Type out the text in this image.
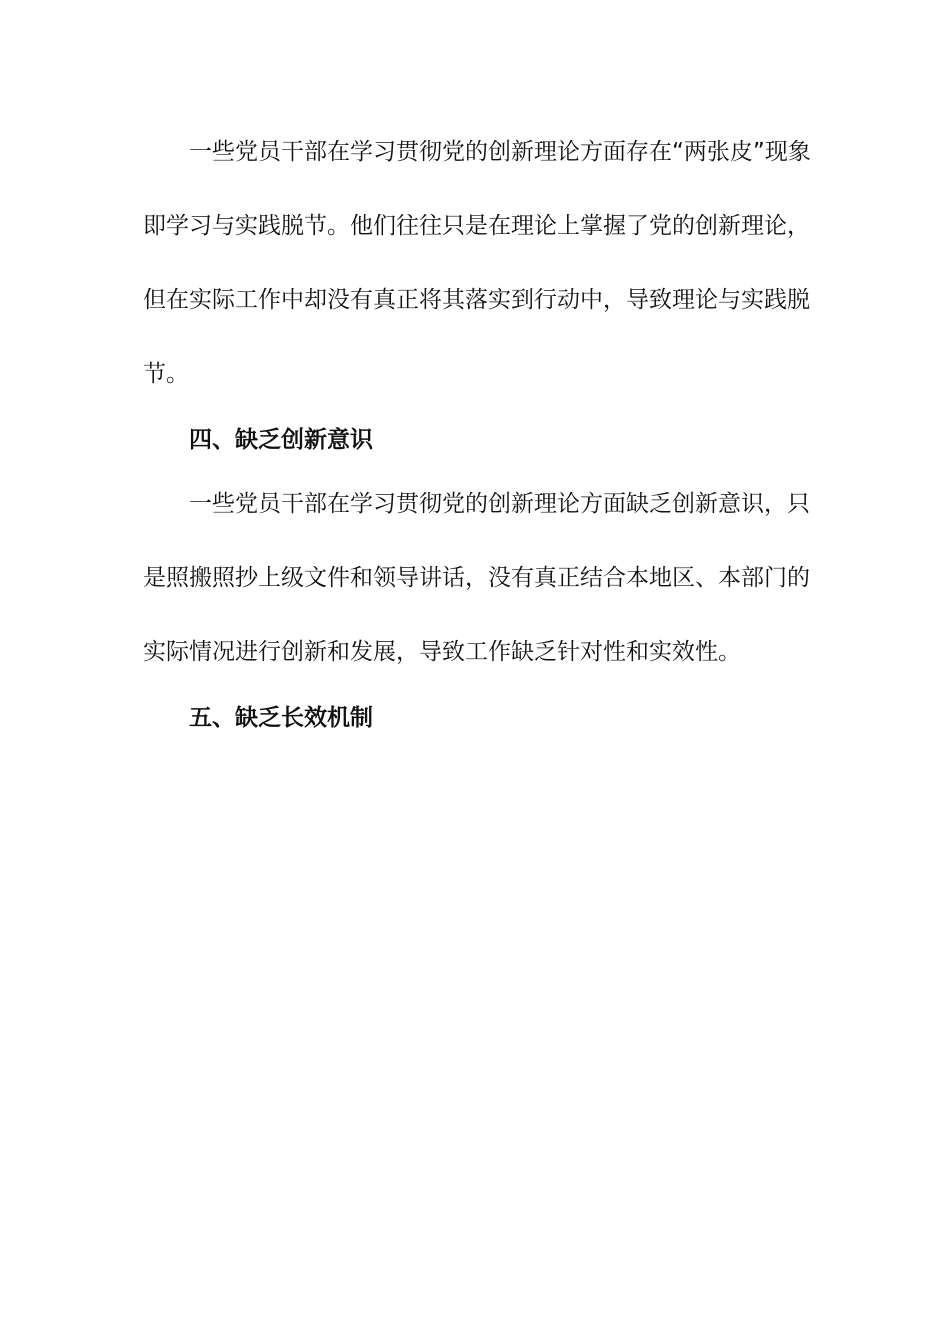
一些党员干部在学习贯彻党的创新理论方面存在“两张皮”现象
即学习与实践脱节。他们往往只是在理论上掌握了党的创新理论，
但在实际工作中却没有真正将其落实到行动中，导致理论与实践脱
节。
四、缺乏创新意识
一些党员干部在学习贯彻党的创新理论方面缺乏创新意识，只
是照搬照抄上级文件和领导讲话，没有真正结合本地区、本部门的
实际情况进行创新和发展，导致工作缺乏针对性和实效性。
五、缺乏长效机制
